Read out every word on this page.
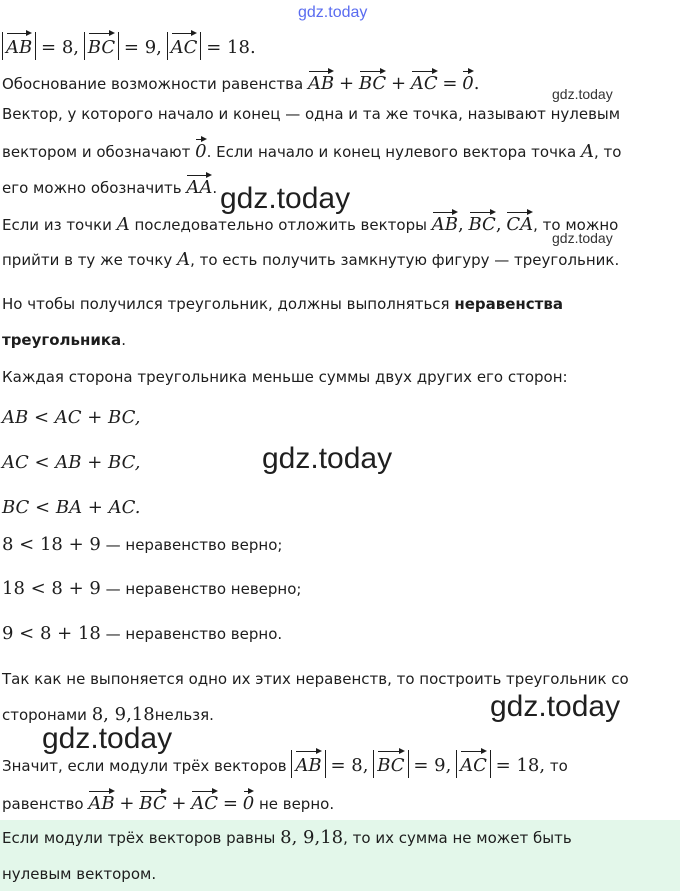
gdz.today
gdz.today
gdz.today
gdz.today
gdz.today
gdz.today
gdz.today
AB = 8, BC = 9, AC = 18.
Обоснование возможности равенства AB + BC + AC = 0.
Вектор, у которого начало и конец — одна и та же точка, называют нулевым
вектором и обозначают 0. Если начало и конец нулевого вектора точка A, то
его можно обозначить AA.
Если из точки A последовательно отложить векторы AB, BC, CA, то можно
прийти в ту же точку A, то есть получить замкнутую фигуру — треугольник.
Но чтобы получился треугольник, должны выполняться неравенства
треугольника.
Каждая сторона треугольника меньше суммы двух других его сторон:
AB < AC + BC,
AC < AB + BC,
BC < BA + AC.
8 < 18 + 9 — неравенство верно;
18 < 8 + 9 — неравенство неверно;
9 < 8 + 18 — неравенство верно.
Так как не выпоняется одно их этих неравенств, то построить треугольник со
сторонами 8, 9,18нельзя.
Значит, если модули трёх векторов AB = 8, BC = 9, AC = 18, то
равенство AB + BC + AC = 0 не верно.
Если модули трёх векторов равны 8, 9,18, то их сумма не может быть
нулевым вектором.
